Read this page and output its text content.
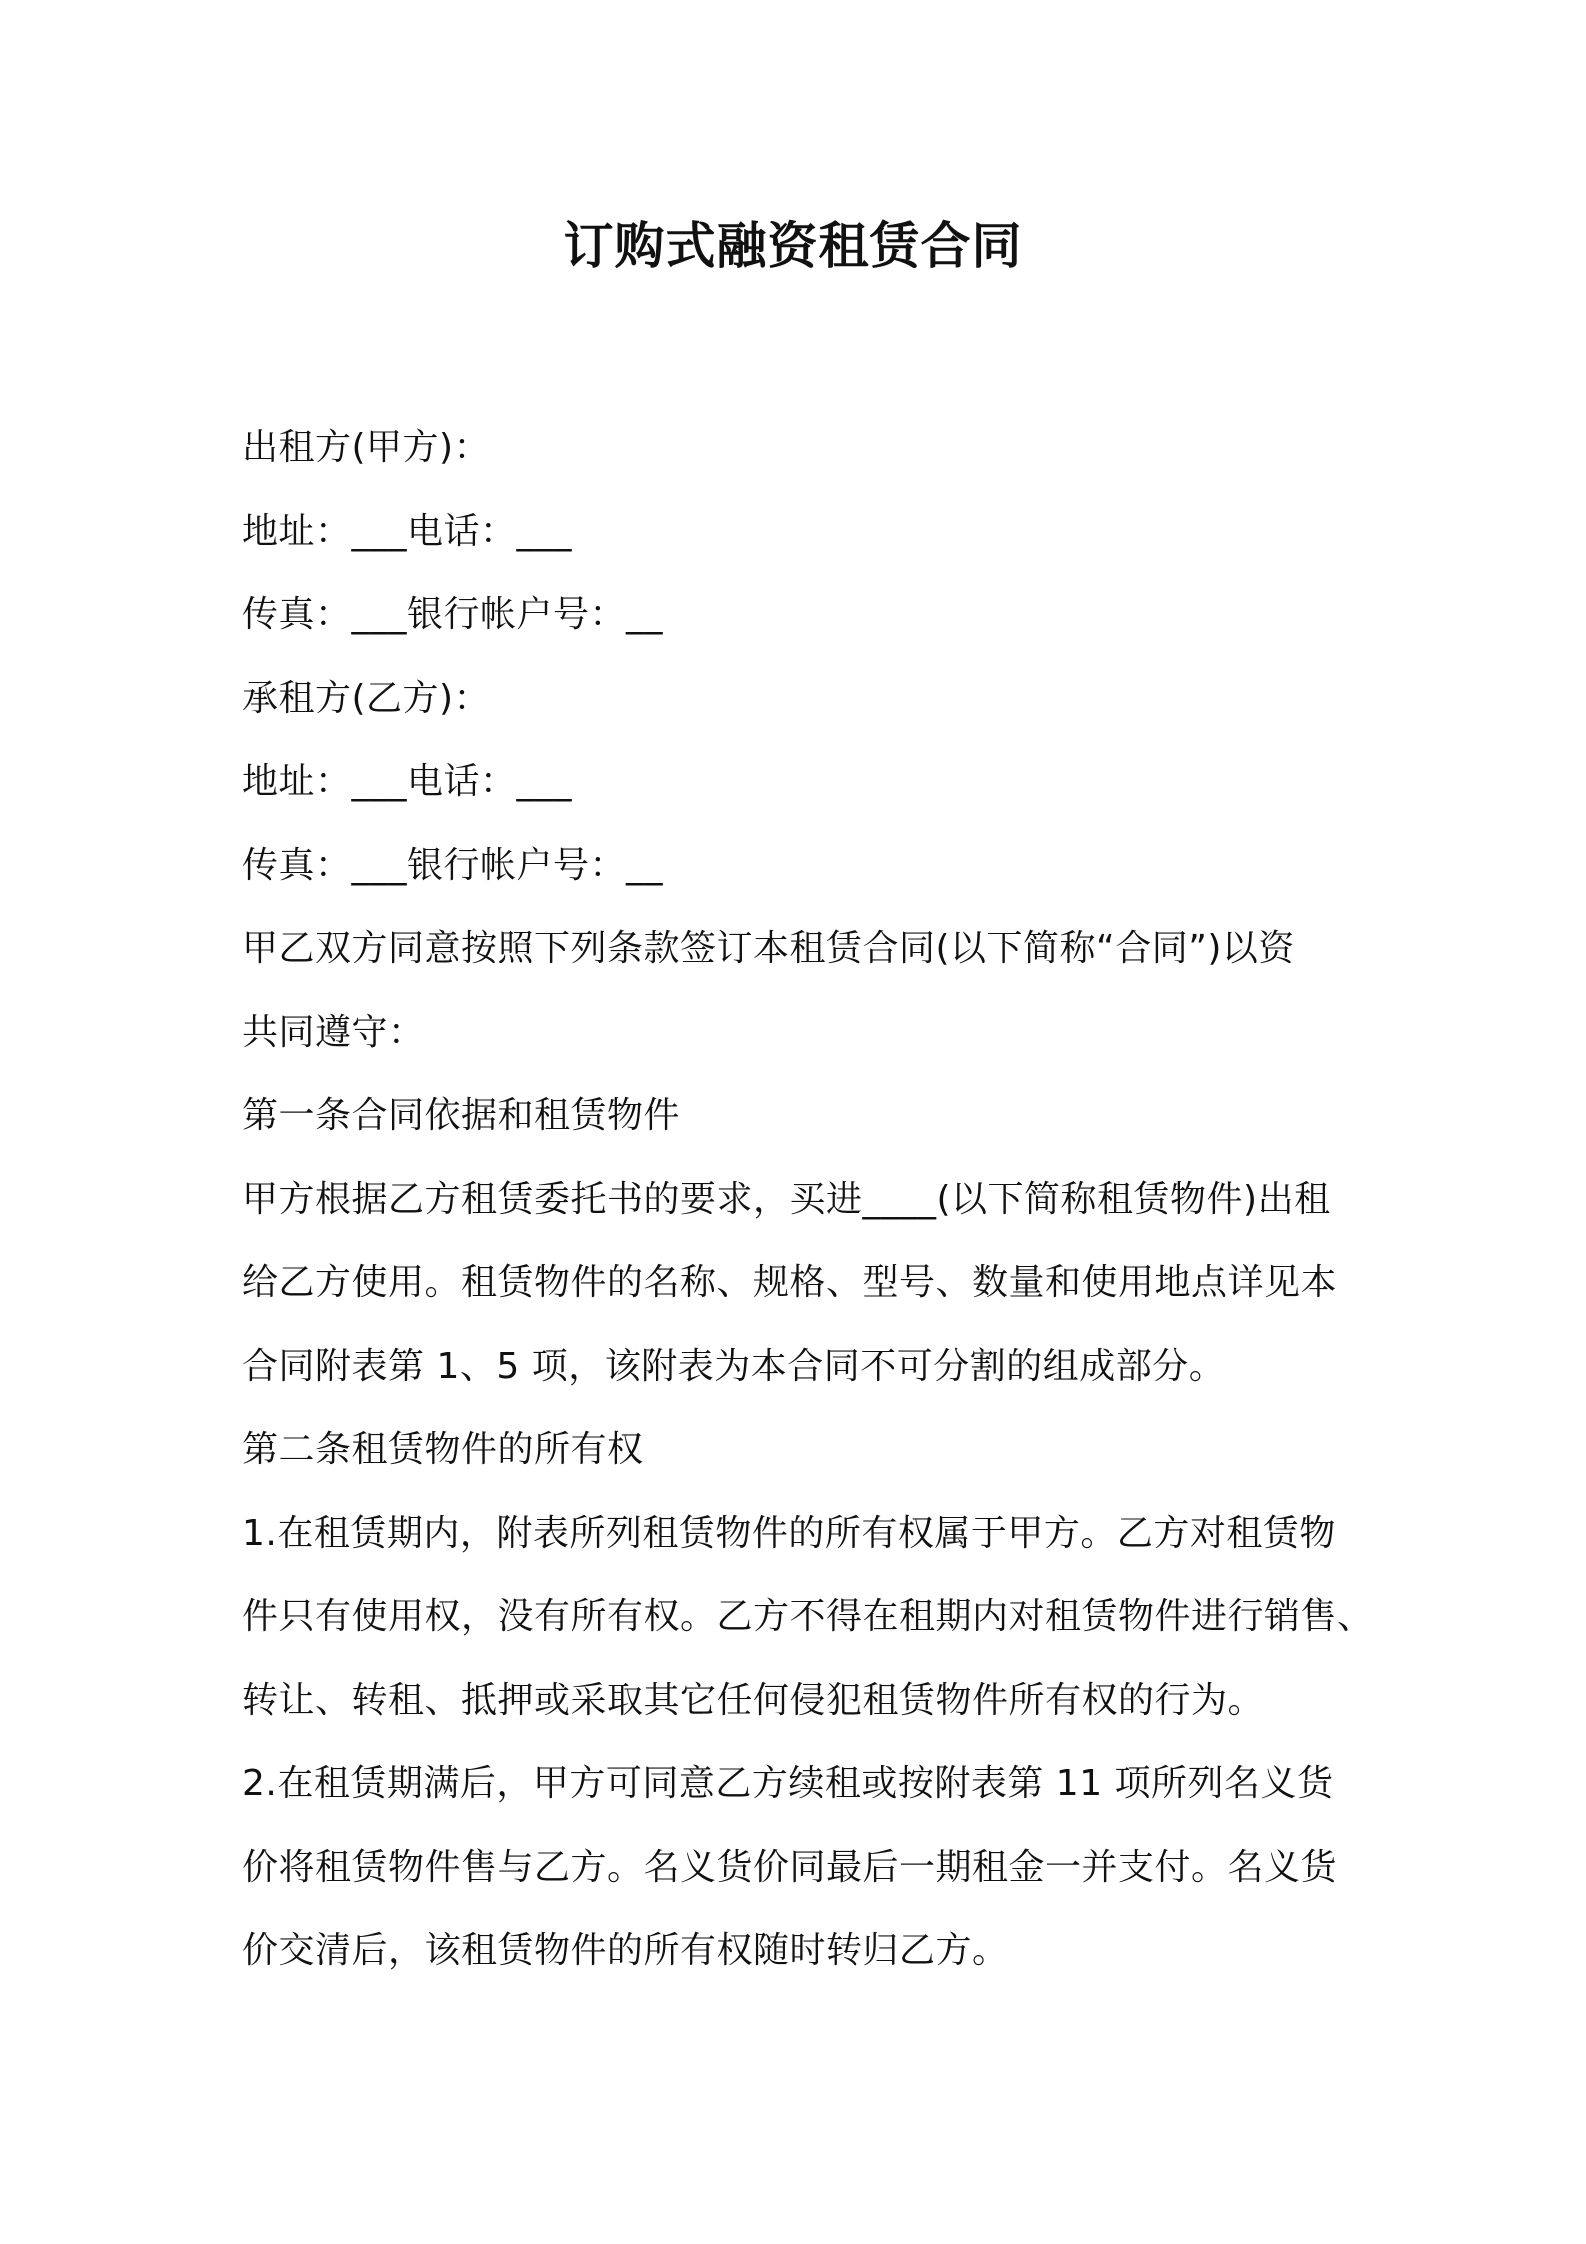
订购式融资租赁合同
出租方(甲方)：
地址：___电话：___
传真：___银行帐户号：__
承租方(乙方)：
地址：___电话：___
传真：___银行帐户号：__
甲乙双方同意按照下列条款签订本租赁合同(以下简称“合同”)以资
共同遵守：
第一条合同依据和租赁物件
甲方根据乙方租赁委托书的要求，买进____(以下简称租赁物件)出租
给乙方使用。租赁物件的名称、规格、型号、数量和使用地点详见本
合同附表第 1、5 项，该附表为本合同不可分割的组成部分。
第二条租赁物件的所有权
1.在租赁期内，附表所列租赁物件的所有权属于甲方。乙方对租赁物
件只有使用权，没有所有权。乙方不得在租期内对租赁物件进行销售、
转让、转租、抵押或采取其它任何侵犯租赁物件所有权的行为。
2.在租赁期满后，甲方可同意乙方续租或按附表第 11 项所列名义货
价将租赁物件售与乙方。名义货价同最后一期租金一并支付。名义货
价交清后，该租赁物件的所有权随时转归乙方。
